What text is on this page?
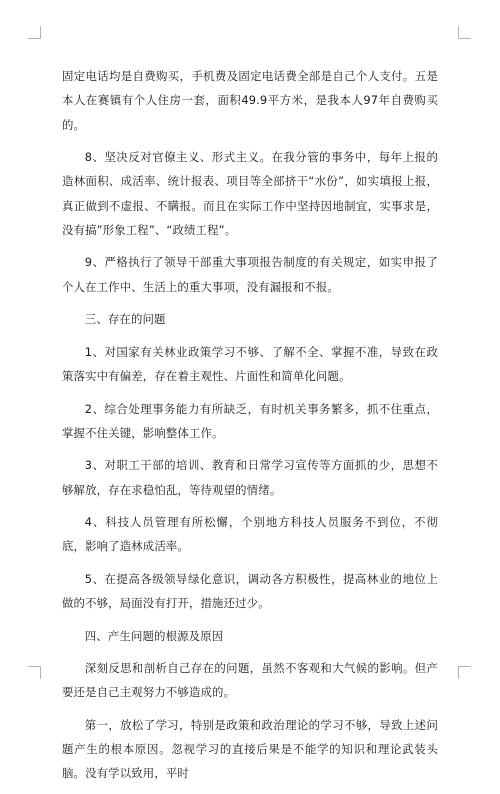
固定电话均是自费购买，手机费及固定电话费全部是自己个人支付。五是本人在赛镇有个人住房一套，面积49.9平方米，是我本人97年自费购买的。

8、坚决反对官僚主义、形式主义。在我分管的事务中，每年上报的造林面积、成活率、统计报表、项目等全部挤干“水份”，如实填报上报，真正做到不虚报、不瞒报。而且在实际工作中坚持因地制宜，实事求是，没有搞”形象工程”、“政绩工程”。

9、严格执行了领导干部重大事项报告制度的有关规定，如实申报了个人在工作中、生活上的重大事项，没有漏报和不报。

三、存在的问题

1、对国家有关林业政策学习不够、了解不全、掌握不准，导致在政策落实中有偏差，存在着主观性、片面性和简单化问题。

2、综合处理事务能力有所缺乏，有时机关事务繁多，抓不住重点，掌握不住关键，影响整体工作。

3、对职工干部的培训、教育和日常学习宣传等方面抓的少，思想不够解放，存在求稳怕乱，等待观望的情绪。

4、科技人员管理有所松懈，个别地方科技人员服务不到位，不彻底，影响了造林成活率。

5、在提高各级领导绿化意识，调动各方积极性，提高林业的地位上做的不够，局面没有打开，措施还过少。

四、产生问题的根源及原因

深刻反思和剖析自己存在的问题，虽然不客观和大气候的影响。但产要还是自己主观努力不够造成的。

第一，放松了学习，特别是政策和政治理论的学习不够，导致上述问题产生的根本原因。忽视学习的直接后果是不能学的知识和理论武装头脑。没有学以致用，平时
